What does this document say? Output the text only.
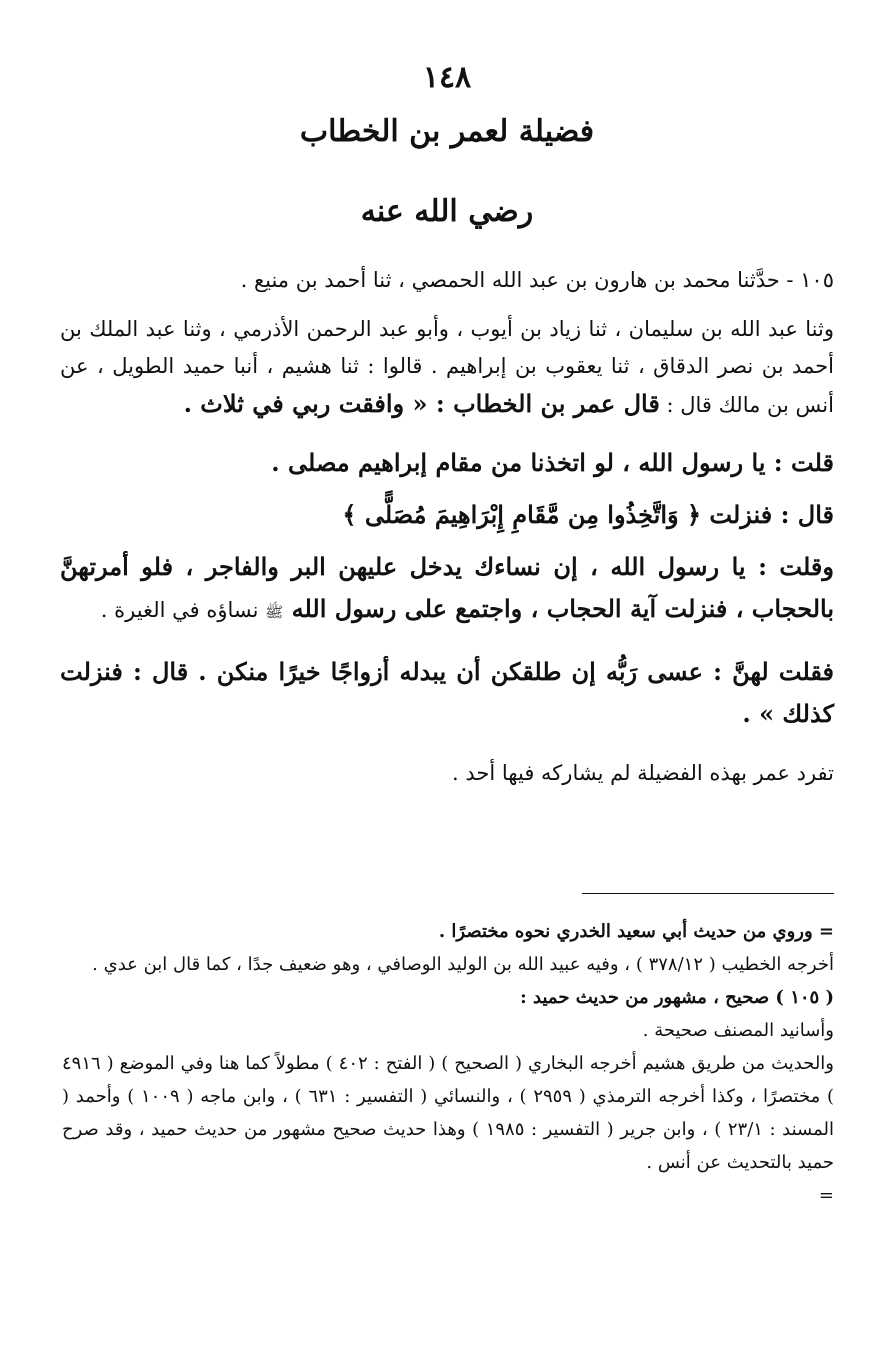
١٤٨
فضيلة لعمر بن الخطاب
رضي الله عنه

١٠٥ - حدَّثنا محمد بن هارون بن عبد الله الحمصي ، ثنا أحمد بن منيع .

وثنا عبد الله بن سليمان ، ثنا زياد بن أيوب ، وأبو عبد الرحمن الأذرمي ، وثنا عبد الملك بن أحمد بن نصر الدقاق ، ثنا يعقوب بن إبراهيم . قالوا : ثنا هشيم ، أنبا حميد الطويل ، عن أنس بن مالك قال : قال عمر بن الخطاب : « وافقت ربي في ثلاث .

قلت : يا رسول الله ، لو اتخذنا من مقام إبراهيم مصلى .

قال : فنزلت ﴿ وَاتَّخِذُوا مِن مَّقَامِ إِبْرَاهِيمَ مُصَلًّى ﴾

وقلت : يا رسول الله ، إن نساءك يدخل عليهن البر والفاجر ، فلو أمرتهنَّ بالحجاب ، فنزلت آية الحجاب ، واجتمع على رسول الله ﷺ نساؤه في الغيرة .

فقلت لهنَّ : عسى رَبُّه إن طلقكن أن يبدله أزواجًا خيرًا منكن . قال : فنزلت كذلك » .

تفرد عمر بهذه الفضيلة لم يشاركه فيها أحد .

= وروي من حديث أبي سعيد الخدري نحوه مختصرًا .

أخرجه الخطيب ( ٣٧٨/١٢ ) ، وفيه عبيد الله بن الوليد الوصافي ، وهو ضعيف جدًا ، كما قال ابن عدي .

( ١٠٥ ) صحيح ، مشهور من حديث حميد :

وأسانيد المصنف صحيحة .

والحديث من طريق هشيم أخرجه البخاري ( الصحيح ) ( الفتح : ٤٠٢ ) مطولاً كما هنا وفي الموضع ( ٤٩١٦ ) مختصرًا ، وكذا أخرجه الترمذي ( ٢٩٥٩ ) ، والنسائي ( التفسير : ٦٣١ ) ، وابن ماجه ( ١٠٠٩ ) وأحمد ( المسند : ٢٣/١ ) ، وابن جرير ( التفسير : ١٩٨٥ ) وهذا حديث صحيح مشهور من حديث حميد ، وقد صرح حميد بالتحديث عن أنس .

=
